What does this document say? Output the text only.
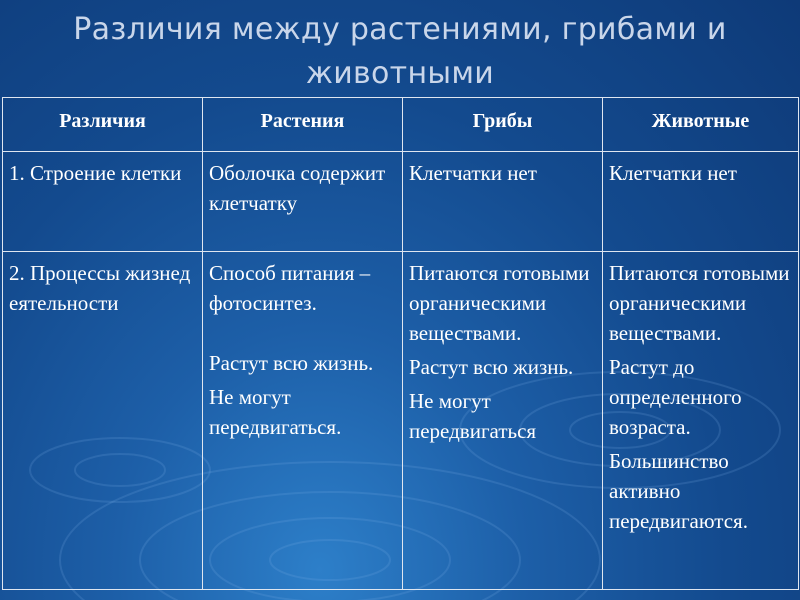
Различия между растениями, грибами и
животными
Различия	Растения	Грибы	Животные
1. Строение клетки	Оболочка содержит клетчатку	Клетчатки нет	Клетчатки нет

2. Процессы жизнедеятельности	Способ питания – фотосинтез.
Растут всю жизнь.
Не могут передвигаться.	Питаются готовыми органическими веществами.
Растут всю жизнь.
Не могут передвигаться	Питаются готовыми органическими веществами.
Растут до определенного возраста.
Большинство активно передвигаются.
